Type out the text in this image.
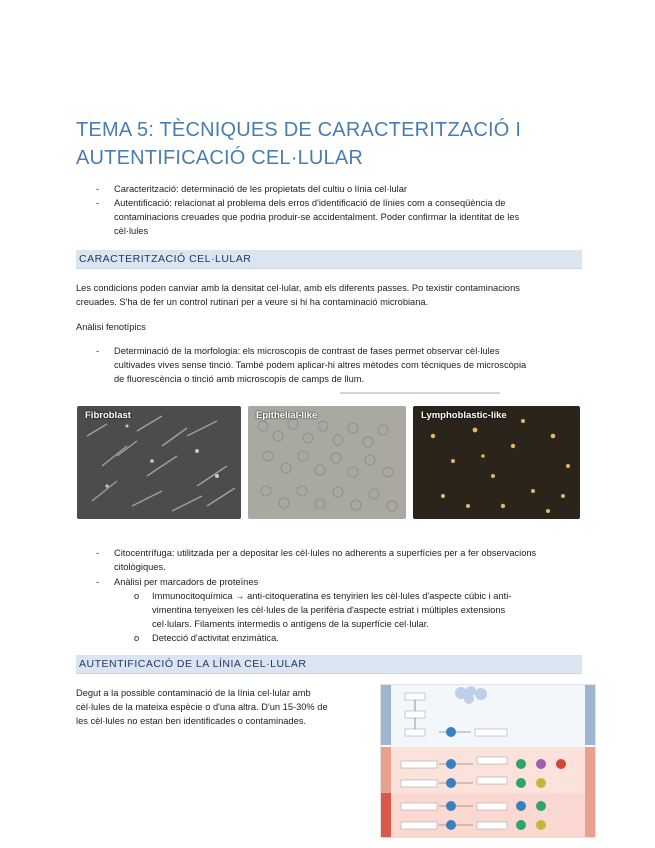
TEMA 5: TÈCNIQUES DE CARACTERITZACIÓ I
AUTENTIFICACIÓ CEL·LULAR
-	Caracterització: determinació de les propietats del cultiu o línia cel·lular
-	Autentificació: relacionat al problema dels erros d'identificació de línies com a conseqüència de
contaminacions creuades que podria produir-se accidentalment. Poder confirmar la identitat de les
cèl·lules
CARACTERITZACIÓ CEL·LULAR
Les condicions poden canviar amb la densitat cel·lular, amb els diferents passes. Po texistir contaminacions
creuades. S'ha de fer un control rutinari per a veure si hi ha contaminació microbiana.
Anàlisi fenotípics
-	Determinació de la morfologia: els microscopis de contrast de fases permet observar cèl·lules
cultivades vives sense tinció. També podem aplicar-hi altres mètodes com tècniques de microscòpia
de fluorescència o tinció amb microscopis de camps de llum.
Fibroblast	Epithelial-like	Lymphoblastic-like
-	Citocentrífuga: utilitzada per a depositar les cèl·lules no adherents a superfícies per a fer observacions
citològiques.
-	Anàlisi per marcadors de proteïnes
o	Immunocitoquímica → anti-citoqueratina es tenyirien les cèl·lules d'aspecte cúbic i anti-
vimentina tenyeixen les cèl·lules de la perifèria d'aspecte estriat i múltiples extensions
cel·lulars. Filaments intermedis o antígens de la superfície cel·lular.
o	Detecció d'activitat enzimàtica.
AUTENTIFICACIÓ DE LA LÍNIA CEL·LULAR
Degut a la possible contaminació de la línia cel·lular amb
cèl·lules de la mateixa espècie o d'una altra. D'un 15-30% de
les cèl·lules no estan ben identificades o contaminades.
